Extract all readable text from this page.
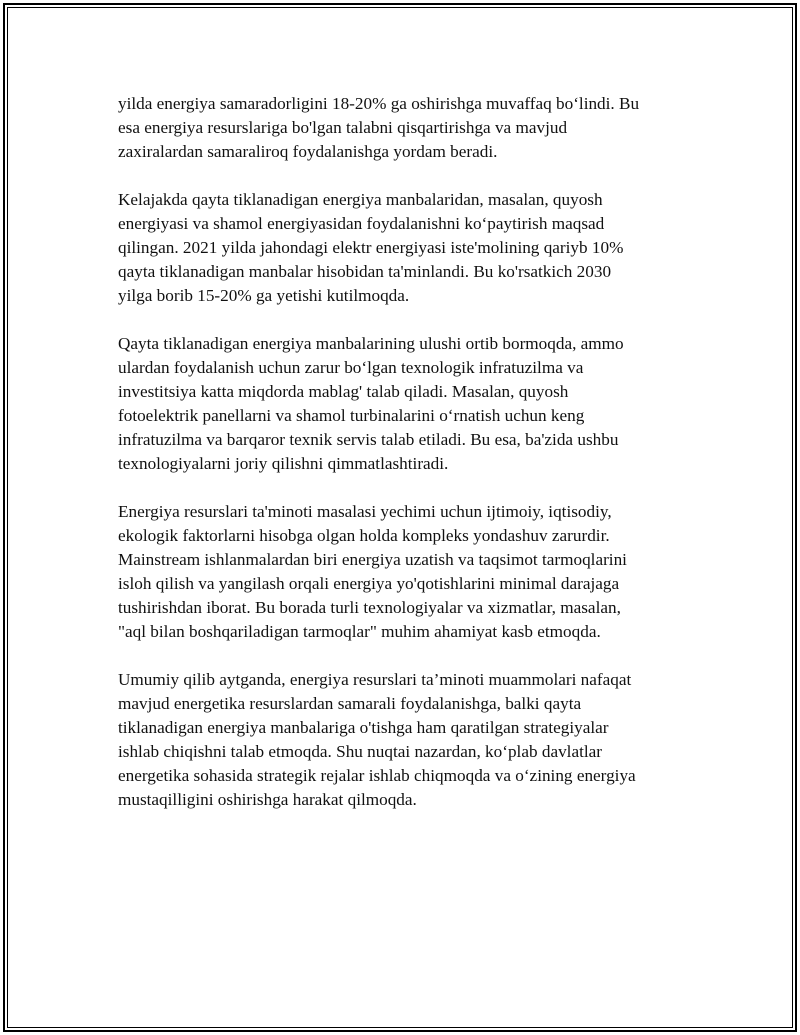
yilda energiya samaradorligini 18-20% ga oshirishga muvaffaq bo‘lindi. Bu
esa energiya resurslariga bo'lgan talabni qisqartirishga va mavjud
zaxiralardan samaraliroq foydalanishga yordam beradi.

Kelajakda qayta tiklanadigan energiya manbalaridan, masalan, quyosh
energiyasi va shamol energiyasidan foydalanishni ko‘paytirish maqsad
qilingan. 2021 yilda jahondagi elektr energiyasi iste'molining qariyb 10%
qayta tiklanadigan manbalar hisobidan ta'minlandi. Bu ko'rsatkich 2030
yilga borib 15-20% ga yetishi kutilmoqda.

Qayta tiklanadigan energiya manbalarining ulushi ortib bormoqda, ammo
ulardan foydalanish uchun zarur bo‘lgan texnologik infratuzilma va
investitsiya katta miqdorda mablag' talab qiladi. Masalan, quyosh
fotoelektrik panellarni va shamol turbinalarini o‘rnatish uchun keng
infratuzilma va barqaror texnik servis talab etiladi. Bu esa, ba'zida ushbu
texnologiyalarni joriy qilishni qimmatlashtiradi.

Energiya resurslari ta'minoti masalasi yechimi uchun ijtimoiy, iqtisodiy,
ekologik faktorlarni hisobga olgan holda kompleks yondashuv zarurdir.
Mainstream ishlanmalardan biri energiya uzatish va taqsimot tarmoqlarini
isloh qilish va yangilash orqali energiya yo'qotishlarini minimal darajaga
tushirishdan iborat. Bu borada turli texnologiyalar va xizmatlar, masalan,
"aql bilan boshqariladigan tarmoqlar" muhim ahamiyat kasb etmoqda.

Umumiy qilib aytganda, energiya resurslari ta’minoti muammolari nafaqat
mavjud energetika resurslardan samarali foydalanishga, balki qayta
tiklanadigan energiya manbalariga o'tishga ham qaratilgan strategiyalar
ishlab chiqishni talab etmoqda. Shu nuqtai nazardan, ko‘plab davlatlar
energetika sohasida strategik rejalar ishlab chiqmoqda va o‘zining energiya
mustaqilligini oshirishga harakat qilmoqda.
